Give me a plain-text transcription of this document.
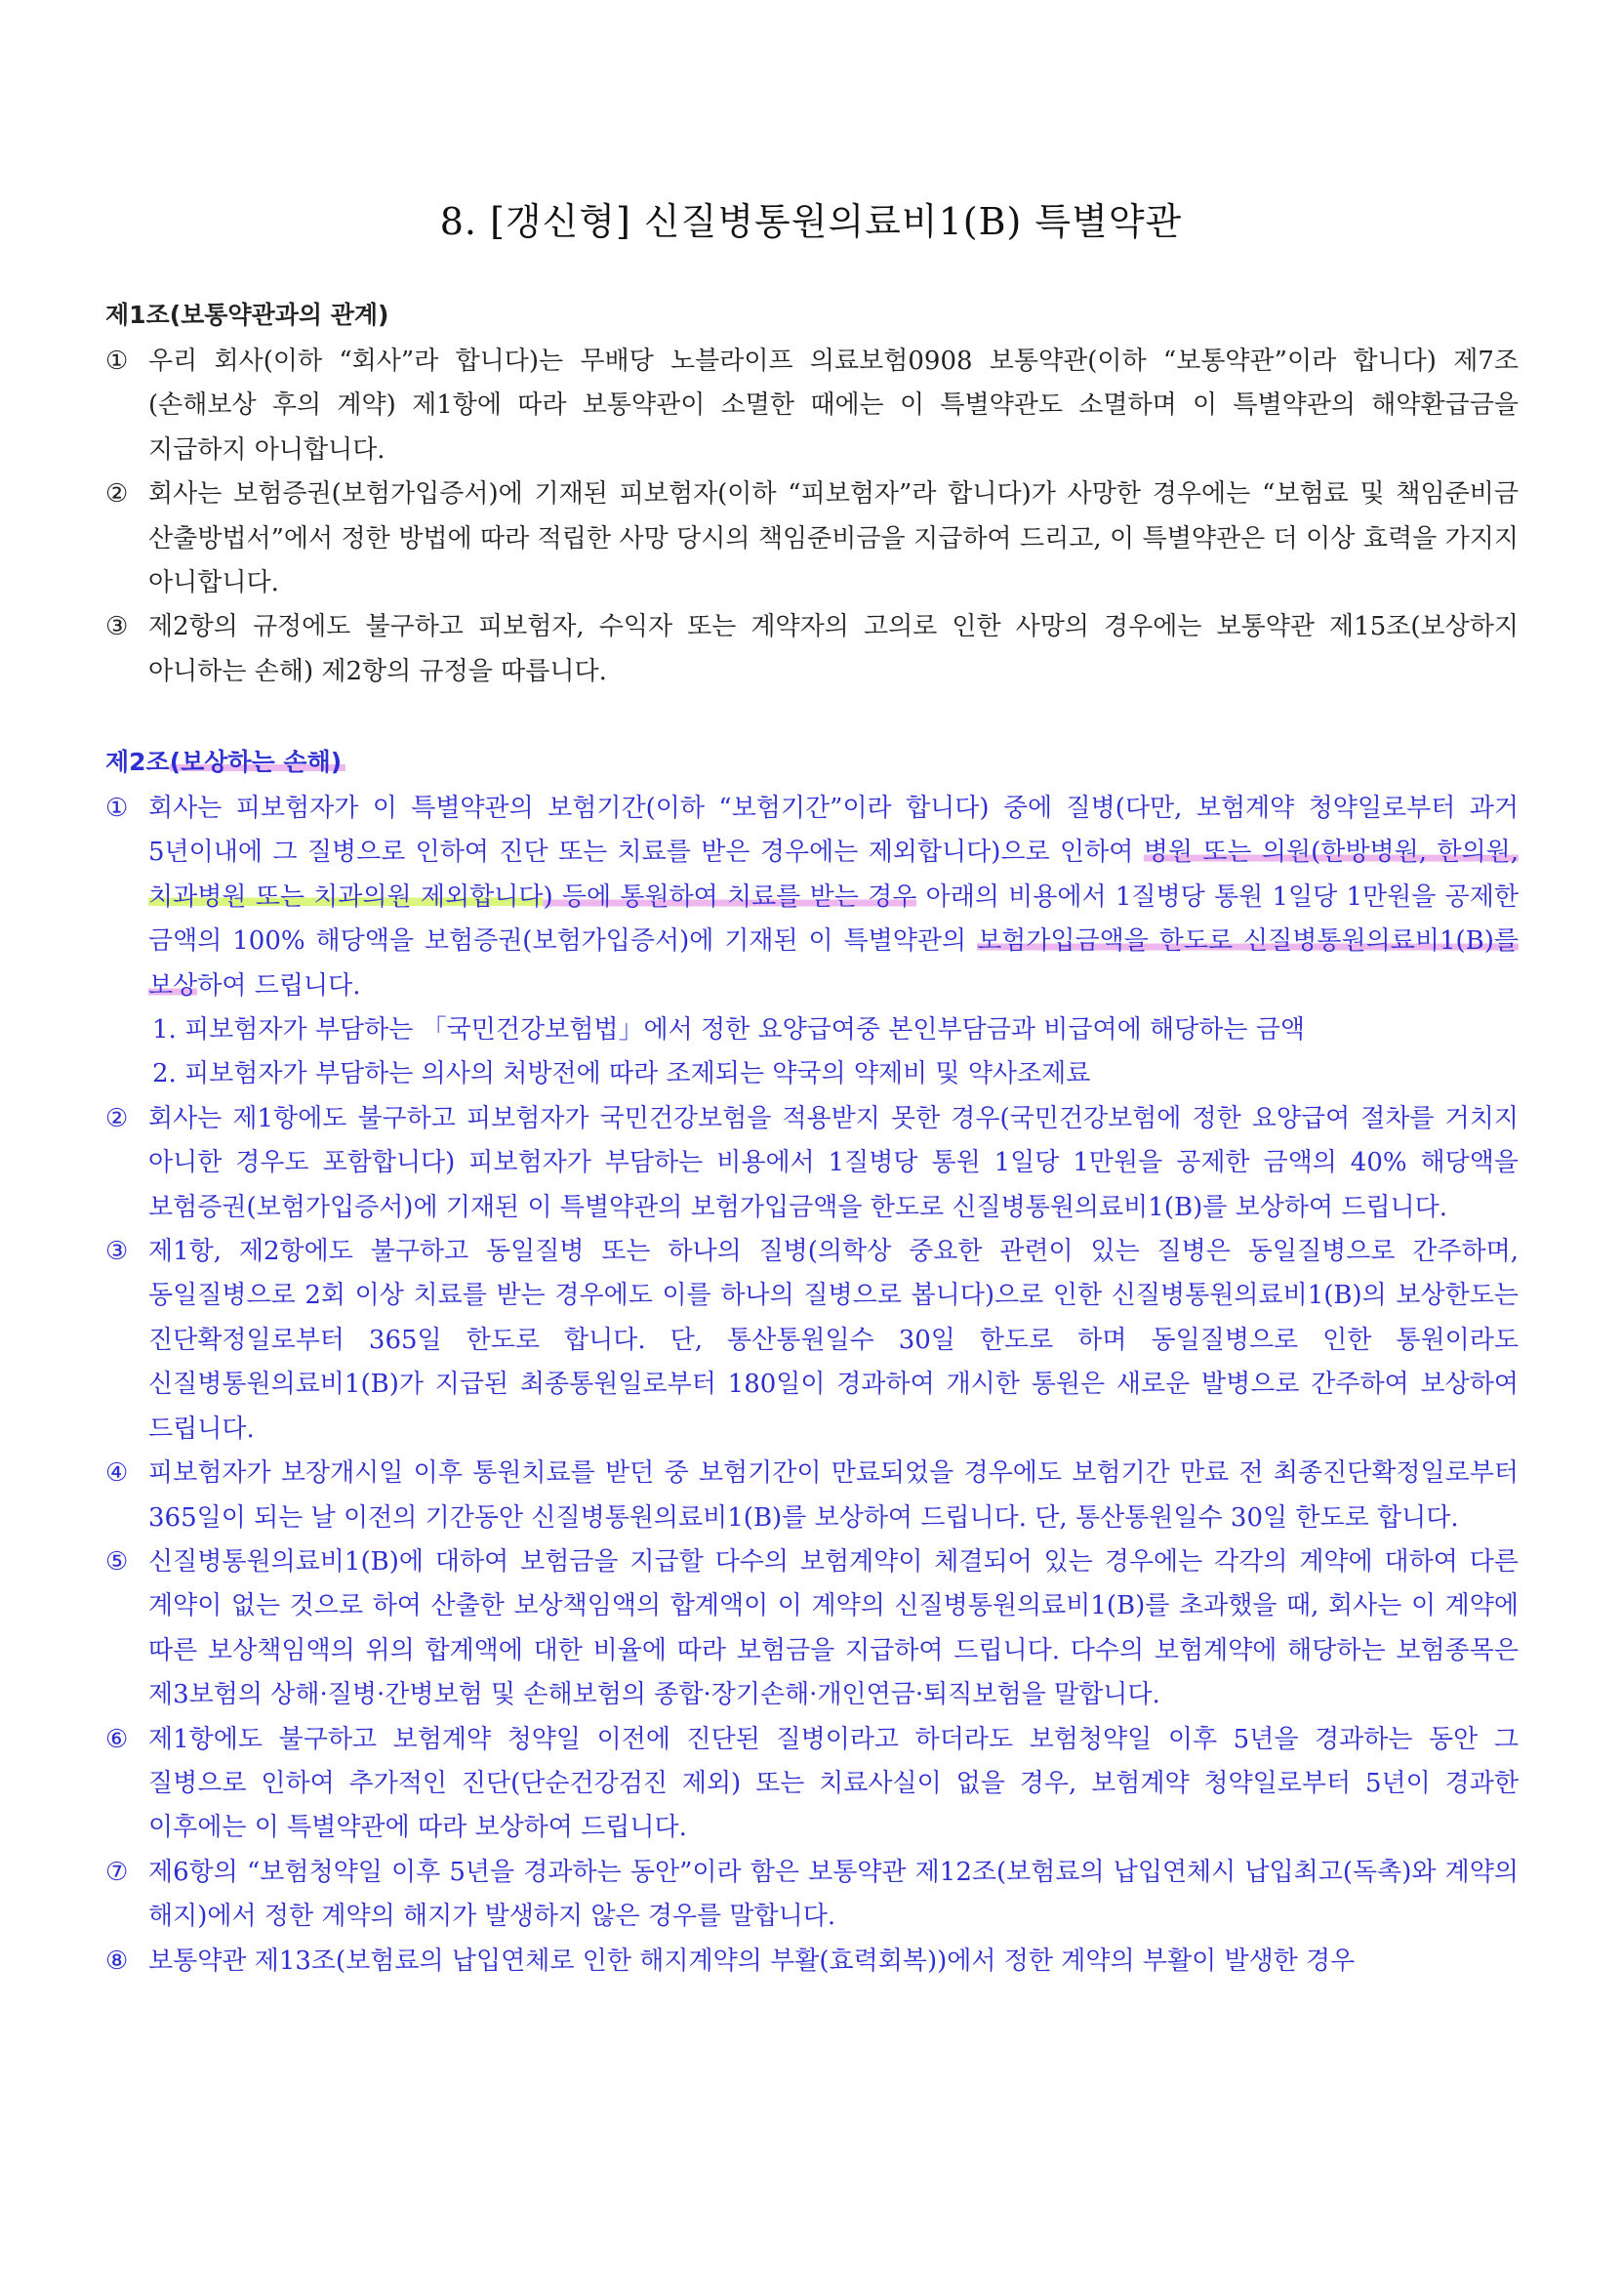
8. [갱신형] 신질병통원의료비1(B) 특별약관
제1조(보통약관과의 관계)
① 우리 회사(이하 “회사”라 합니다)는 무배당 노블라이프 의료보험0908 보통약관(이하 “보통약관”이라 합니다) 제7조(손해보상 후의 계약) 제1항에 따라 보통약관이 소멸한 때에는 이 특별약관도 소멸하며 이 특별약관의 해약환급금을 지급하지 아니합니다.
② 회사는 보험증권(보험가입증서)에 기재된 피보험자(이하 “피보험자”라 합니다)가 사망한 경우에는 “보험료 및 책임준비금 산출방법서”에서 정한 방법에 따라 적립한 사망 당시의 책임준비금을 지급하여 드리고, 이 특별약관은 더 이상 효력을 가지지 아니합니다.
③ 제2항의 규정에도 불구하고 피보험자, 수익자 또는 계약자의 고의로 인한 사망의 경우에는 보통약관 제15조(보상하지 아니하는 손해) 제2항의 규정을 따릅니다.
제2조(보상하는 손해)
① 회사는 피보험자가 이 특별약관의 보험기간(이하 “보험기간”이라 합니다) 중에 질병(다만, 보험계약 청약일로부터 과거 5년이내에 그 질병으로 인하여 진단 또는 치료를 받은 경우에는 제외합니다)으로 인하여 병원 또는 의원(한방병원, 한의원, 치과병원 또는 치과의원 제외합니다) 등에 통원하여 치료를 받는 경우 아래의 비용에서 1질병당 통원 1일당 1만원을 공제한 금액의 100% 해당액을 보험증권(보험가입증서)에 기재된 이 특별약관의 보험가입금액을 한도로 신질병통원의료비1(B)를 보상하여 드립니다.
1. 피보험자가 부담하는 「국민건강보험법」에서 정한 요양급여중 본인부담금과 비급여에 해당하는 금액
2. 피보험자가 부담하는 의사의 처방전에 따라 조제되는 약국의 약제비 및 약사조제료
② 회사는 제1항에도 불구하고 피보험자가 국민건강보험을 적용받지 못한 경우(국민건강보험에 정한 요양급여 절차를 거치지 아니한 경우도 포함합니다) 피보험자가 부담하는 비용에서 1질병당 통원 1일당 1만원을 공제한 금액의 40% 해당액을 보험증권(보험가입증서)에 기재된 이 특별약관의 보험가입금액을 한도로 신질병통원의료비1(B)를 보상하여 드립니다.
③ 제1항, 제2항에도 불구하고 동일질병 또는 하나의 질병(의학상 중요한 관련이 있는 질병은 동일질병으로 간주하며, 동일질병으로 2회 이상 치료를 받는 경우에도 이를 하나의 질병으로 봅니다)으로 인한 신질병통원의료비1(B)의 보상한도는 진단확정일로부터 365일 한도로 합니다. 단, 통산통원일수 30일 한도로 하며 동일질병으로 인한 통원이라도 신질병통원의료비1(B)가 지급된 최종통원일로부터 180일이 경과하여 개시한 통원은 새로운 발병으로 간주하여 보상하여 드립니다.
④ 피보험자가 보장개시일 이후 통원치료를 받던 중 보험기간이 만료되었을 경우에도 보험기간 만료 전 최종진단확정일로부터 365일이 되는 날 이전의 기간동안 신질병통원의료비1(B)를 보상하여 드립니다. 단, 통산통원일수 30일 한도로 합니다.
⑤ 신질병통원의료비1(B)에 대하여 보험금을 지급할 다수의 보험계약이 체결되어 있는 경우에는 각각의 계약에 대하여 다른 계약이 없는 것으로 하여 산출한 보상책임액의 합계액이 이 계약의 신질병통원의료비1(B)를 초과했을 때, 회사는 이 계약에 따른 보상책임액의 위의 합계액에 대한 비율에 따라 보험금을 지급하여 드립니다. 다수의 보험계약에 해당하는 보험종목은 제3보험의 상해·질병·간병보험 및 손해보험의 종합·장기손해·개인연금·퇴직보험을 말합니다.
⑥ 제1항에도 불구하고 보험계약 청약일 이전에 진단된 질병이라고 하더라도 보험청약일 이후 5년을 경과하는 동안 그 질병으로 인하여 추가적인 진단(단순건강검진 제외) 또는 치료사실이 없을 경우, 보험계약 청약일로부터 5년이 경과한 이후에는 이 특별약관에 따라 보상하여 드립니다.
⑦ 제6항의 “보험청약일 이후 5년을 경과하는 동안”이라 함은 보통약관 제12조(보험료의 납입연체시 납입최고(독촉)와 계약의 해지)에서 정한 계약의 해지가 발생하지 않은 경우를 말합니다.
⑧ 보통약관 제13조(보험료의 납입연체로 인한 해지계약의 부활(효력회복))에서 정한 계약의 부활이 발생한 경우
